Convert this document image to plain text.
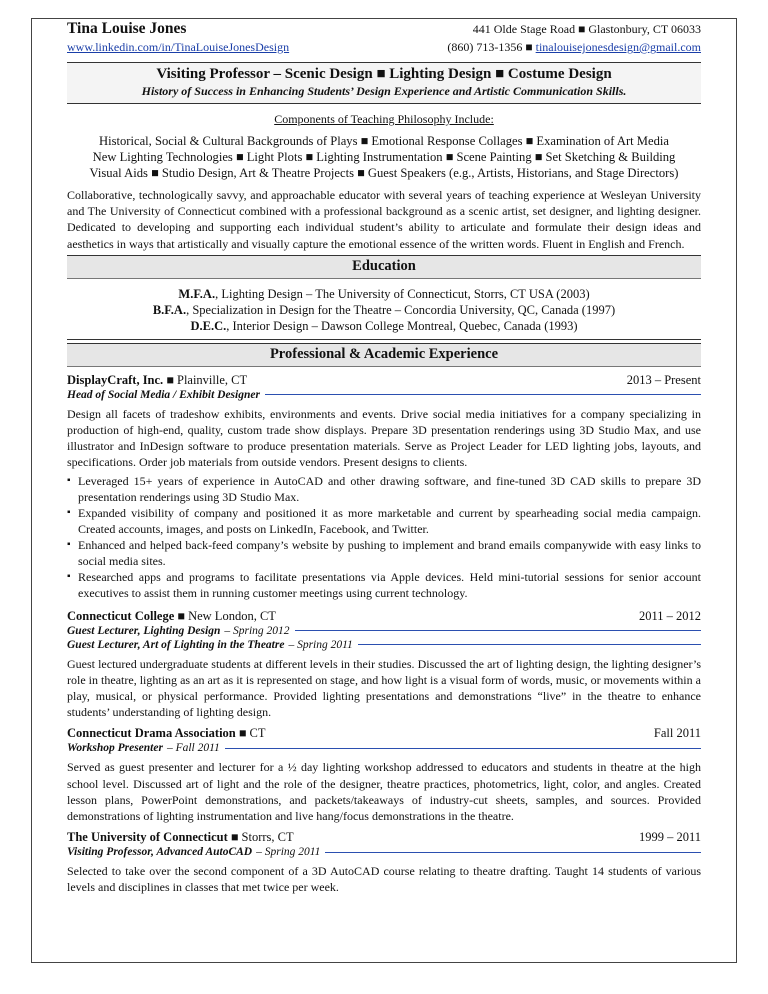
Tina Louise Jones	441 Olde Stage Road ■ Glastonbury, CT 06033
www.linkedin.com/in/TinaLouiseJonesDesign	(860) 713-1356 ■ tinalouisejonesdesign@gmail.com
Visiting Professor – Scenic Design ■ Lighting Design ■ Costume Design
History of Success in Enhancing Students’ Design Experience and Artistic Communication Skills.
Components of Teaching Philosophy Include:
Historical, Social & Cultural Backgrounds of Plays ■ Emotional Response Collages ■ Examination of Art Media
New Lighting Technologies ■ Light Plots ■ Lighting Instrumentation ■ Scene Painting ■ Set Sketching & Building
Visual Aids ■ Studio Design, Art & Theatre Projects ■ Guest Speakers (e.g., Artists, Historians, and Stage Directors)
Collaborative, technologically savvy, and approachable educator with several years of teaching experience at Wesleyan University and The University of Connecticut combined with a professional background as a scenic artist, set designer, and lighting designer. Dedicated to developing and supporting each individual student’s ability to articulate and formulate their design ideas and aesthetics in ways that artistically and visually capture the emotional essence of the written words. Fluent in English and French.
Education
M.F.A., Lighting Design – The University of Connecticut, Storrs, CT USA (2003)
B.F.A., Specialization in Design for the Theatre – Concordia University, QC, Canada (1997)
D.E.C., Interior Design – Dawson College Montreal, Quebec, Canada (1993)
Professional & Academic Experience
DisplayCraft, Inc. ■ Plainville, CT	2013 – Present
Head of Social Media / Exhibit Designer
Design all facets of tradeshow exhibits, environments and events. Drive social media initiatives for a company specializing in production of high-end, quality, custom trade show displays. Prepare 3D presentation renderings using 3D Studio Max, and use illustrator and InDesign software to produce presentation materials. Serve as Project Leader for LED lighting jobs, layouts, and specifications. Order job materials from outside vendors. Present designs to clients.
▪ Leveraged 15+ years of experience in AutoCAD and other drawing software, and fine-tuned 3D CAD skills to prepare 3D presentation renderings using 3D Studio Max.
▪ Expanded visibility of company and positioned it as more marketable and current by spearheading social media campaign. Created accounts, images, and posts on LinkedIn, Facebook, and Twitter.
▪ Enhanced and helped back-feed company’s website by pushing to implement and brand emails companywide with easy links to social media sites.
▪ Researched apps and programs to facilitate presentations via Apple devices. Held mini-tutorial sessions for senior account executives to assist them in running customer meetings using current technology.
Connecticut College ■ New London, CT	2011 – 2012
Guest Lecturer, Lighting Design – Spring 2012
Guest Lecturer, Art of Lighting in the Theatre – Spring 2011
Guest lectured undergraduate students at different levels in their studies. Discussed the art of lighting design, the lighting designer’s role in theatre, lighting as an art as it is represented on stage, and how light is a visual form of words, music, or movements within a play, musical, or physical performance. Provided lighting presentations and demonstrations “live” in the theatre to enhance students’ understanding of lighting design.
Connecticut Drama Association ■ CT	Fall 2011
Workshop Presenter – Fall 2011
Served as guest presenter and lecturer for a ½ day lighting workshop addressed to educators and students in theatre at the high school level. Discussed art of light and the role of the designer, theatre practices, photometrics, light, color, and angles. Created lesson plans, PowerPoint demonstrations, and packets/takeaways of industry-cut sheets, samples, and sources. Provided demonstrations of lighting instrumentation and live hang/focus demonstrations in the theatre.
The University of Connecticut ■ Storrs, CT	1999 – 2011
Visiting Professor, Advanced AutoCAD – Spring 2011
Selected to take over the second component of a 3D AutoCAD course relating to theatre drafting. Taught 14 students of various levels and disciplines in classes that met twice per week.
